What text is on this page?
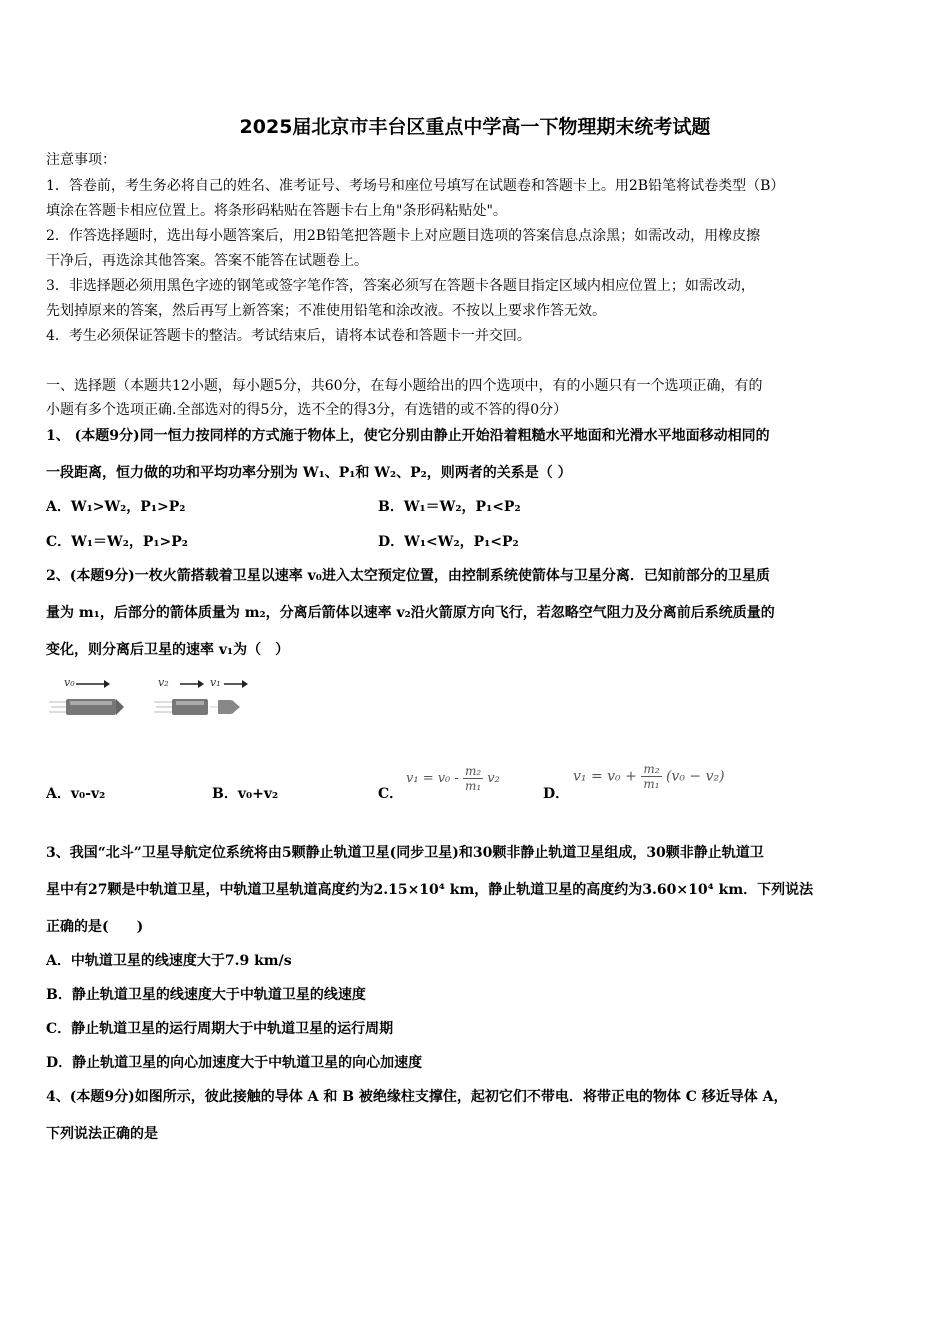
2025届北京市丰台区重点中学高一下物理期末统考试题
注意事项：
1．答卷前，考生务必将自己的姓名、准考证号、考场号和座位号填写在试题卷和答题卡上。用2B铅笔将试卷类型（B）
填涂在答题卡相应位置上。将条形码粘贴在答题卡右上角"条形码粘贴处"。
2．作答选择题时，选出每小题答案后，用2B铅笔把答题卡上对应题目选项的答案信息点涂黑；如需改动，用橡皮擦
干净后，再选涂其他答案。答案不能答在试题卷上。
3．非选择题必须用黑色字迹的钢笔或签字笔作答，答案必须写在答题卡各题目指定区域内相应位置上；如需改动，
先划掉原来的答案，然后再写上新答案；不准使用铅笔和涂改液。不按以上要求作答无效。
4．考生必须保证答题卡的整洁。考试结束后，请将本试卷和答题卡一并交回。
一、选择题（本题共12小题，每小题5分，共60分，在每小题给出的四个选项中，有的小题只有一个选项正确，有的
小题有多个选项正确.全部选对的得5分，选不全的得3分，有选错的或不答的得0分）
1、 (本题9分)同一恒力按同样的方式施于物体上，使它分别由静止开始沿着粗糙水平地面和光滑水平地面移动相同的
一段距离，恒力做的功和平均功率分别为 W₁、P₁和 W₂、P₂，则两者的关系是（ ）
A．W₁>W₂，P₁>P₂	B．W₁＝W₂，P₁<P₂
C．W₁＝W₂，P₁>P₂	D．W₁<W₂，P₁<P₂
2、(本题9分)一枚火箭搭载着卫星以速率 v₀进入太空预定位置，由控制系统使箭体与卫星分离．已知前部分的卫星质
量为 m₁，后部分的箭体质量为 m₂，分离后箭体以速率 v₂沿火箭原方向飞行，若忽略空气阻力及分离前后系统质量的
变化，则分离后卫星的速率 v₁为（　）
v₀	v₂	v₁
A．v₀-v₂	B．v₀+v₂	C．
$v_1 = v_0 - \frac{\text{m₂}}{\text{m₁}} v_2$
D．
$v_1 = v_0 + \frac{\text{m₂}}{\text{m₁}} (v_0 - v_2)$
3、我国“北斗”卫星导航定位系统将由5颗静止轨道卫星(同步卫星)和30颗非静止轨道卫星组成，30颗非静止轨道卫
星中有27颗是中轨道卫星，中轨道卫星轨道高度约为2.15×10⁴ km，静止轨道卫星的高度约为3.60×10⁴ km．下列说法
正确的是(　　)
A．中轨道卫星的线速度大于7.9 km/s
B．静止轨道卫星的线速度大于中轨道卫星的线速度
C．静止轨道卫星的运行周期大于中轨道卫星的运行周期
D．静止轨道卫星的向心加速度大于中轨道卫星的向心加速度
4、(本题9分)如图所示，彼此接触的导体 A 和 B 被绝缘柱支撑住，起初它们不带电．将带正电的物体 C 移近导体 A，
下列说法正确的是
